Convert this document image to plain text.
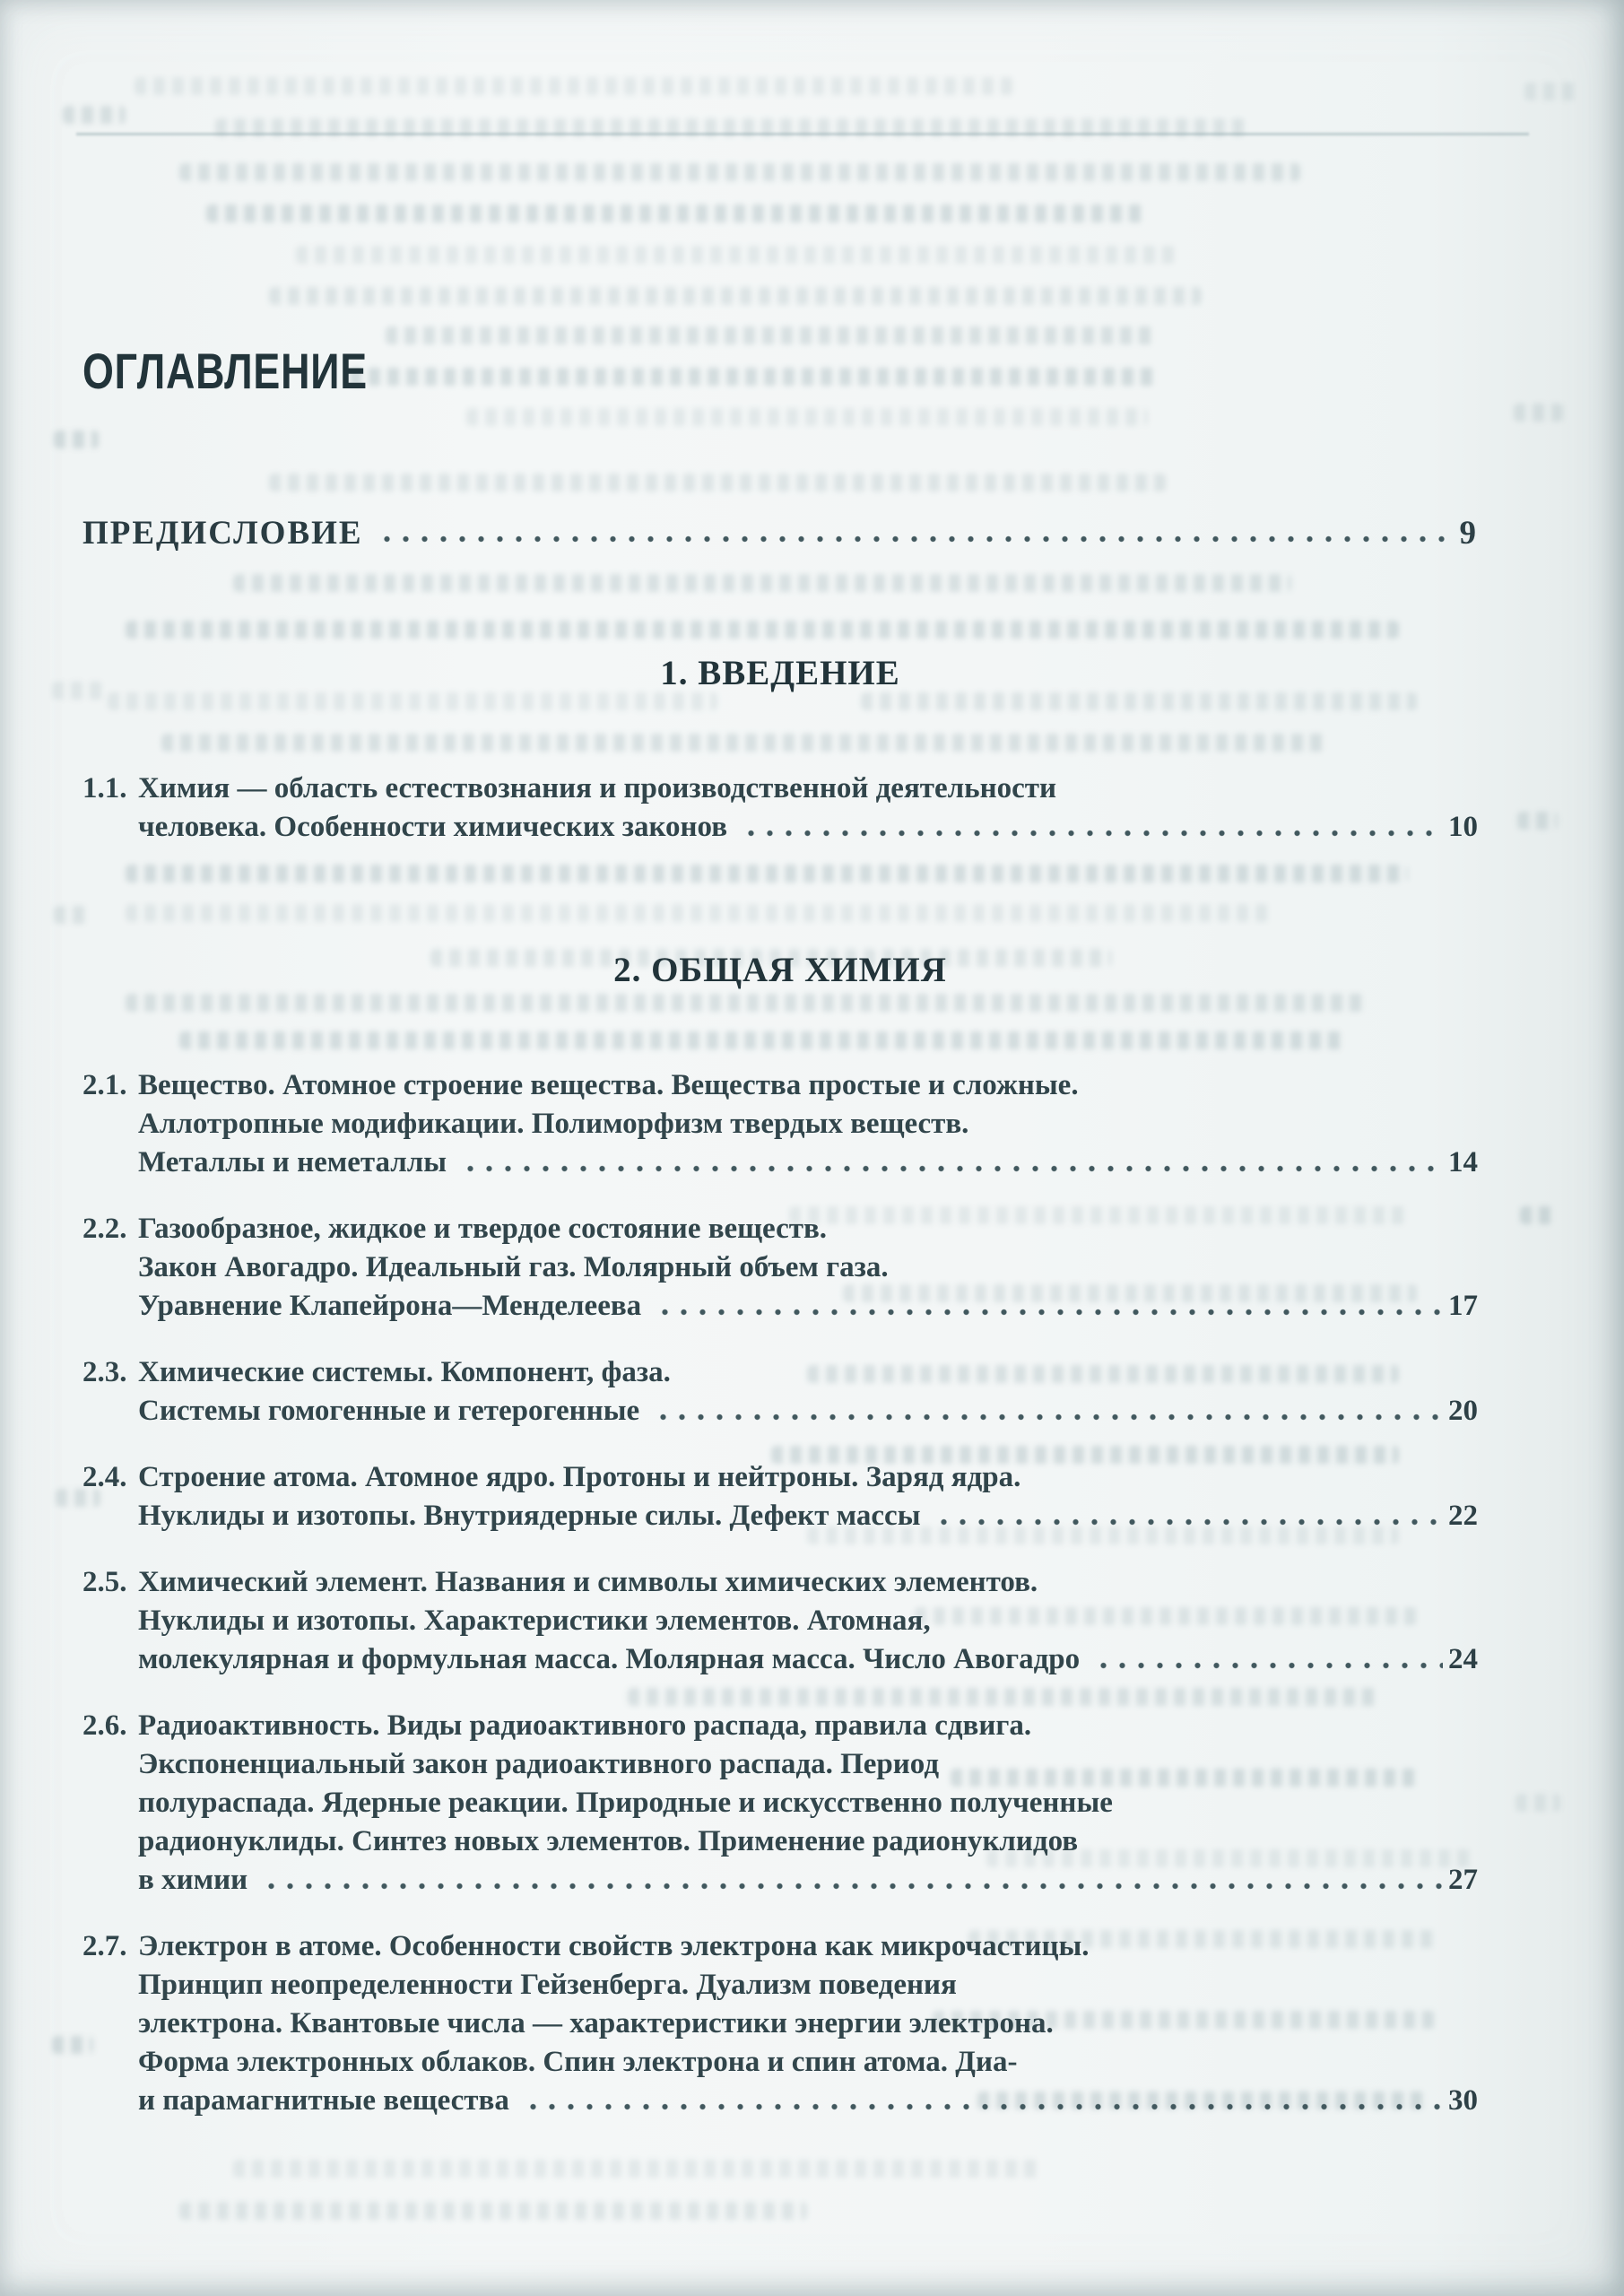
ОГЛАВЛЕНИЕ
ПРЕДИСЛОВИЕ	9
1. ВВЕДЕНИЕ
1.1. Химия — область естествознания и производственной деятельности
человека. Особенности химических законов	10
2. ОБЩАЯ ХИМИЯ
2.1. Вещество. Атомное строение вещества. Вещества простые и сложные.
Аллотропные модификации. Полиморфизм твердых веществ.
Металлы и неметаллы	14
2.2. Газообразное, жидкое и твердое состояние веществ.
Закон Авогадро. Идеальный газ. Молярный объем газа.
Уравнение Клапейрона—Менделеева	17
2.3. Химические системы. Компонент, фаза.
Системы гомогенные и гетерогенные	20
2.4. Строение атома. Атомное ядро. Протоны и нейтроны. Заряд ядра.
Нуклиды и изотопы. Внутриядерные силы. Дефект массы	22
2.5. Химический элемент. Названия и символы химических элементов.
Нуклиды и изотопы. Характеристики элементов. Атомная,
молекулярная и формульная масса. Молярная масса. Число Авогадро	24
2.6. Радиоактивность. Виды радиоактивного распада, правила сдвига.
Экспоненциальный закон радиоактивного распада. Период
полураспада. Ядерные реакции. Природные и искусственно полученные
радионуклиды. Синтез новых элементов. Применение радионуклидов
в химии	27
2.7. Электрон в атоме. Особенности свойств электрона как микрочастицы.
Принцип неопределенности Гейзенберга. Дуализм поведения
электрона. Квантовые числа — характеристики энергии электрона.
Форма электронных облаков. Спин электрона и спин атома. Диа-
и парамагнитные вещества	30
